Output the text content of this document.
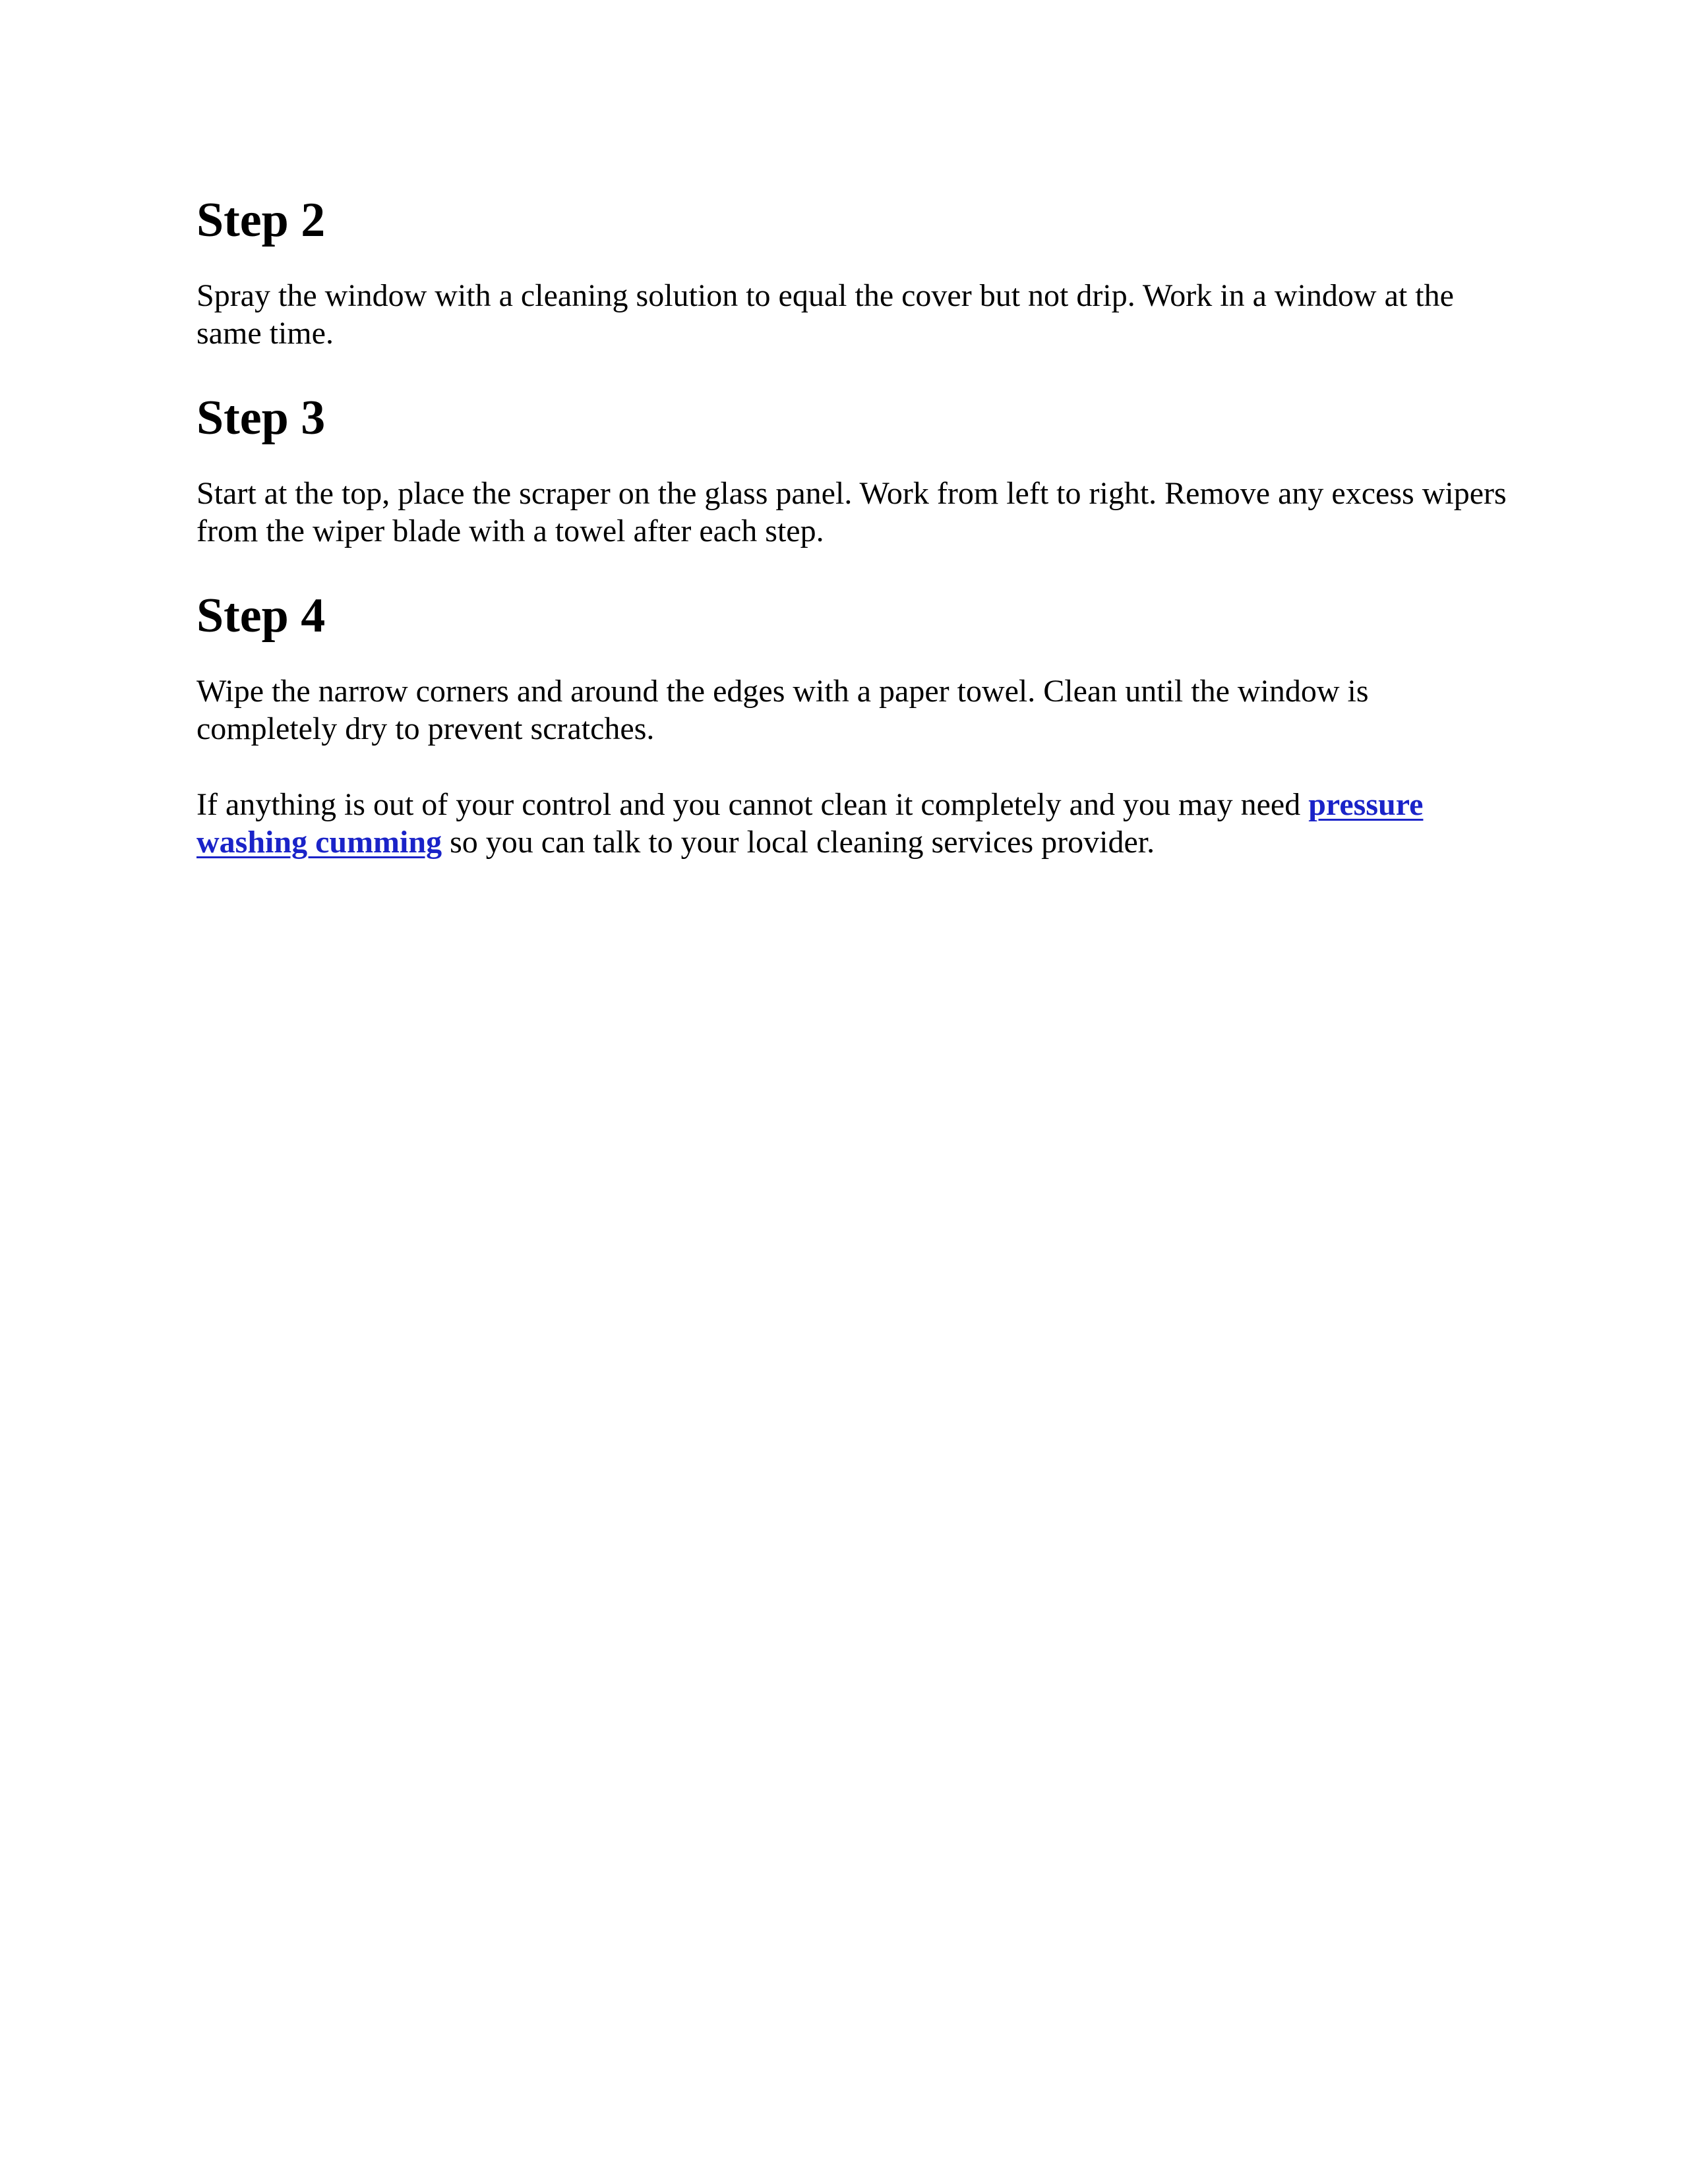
Step 2

Spray the window with a cleaning solution to equal the cover but not drip. Work in a window at the same time.

Step 3

Start at the top, place the scraper on the glass panel. Work from left to right. Remove any excess wipers from the wiper blade with a towel after each step.

Step 4

Wipe the narrow corners and around the edges with a paper towel. Clean until the window is completely dry to prevent scratches.

If anything is out of your control and you cannot clean it completely and you may need pressure washing cumming so you can talk to your local cleaning services provider.
